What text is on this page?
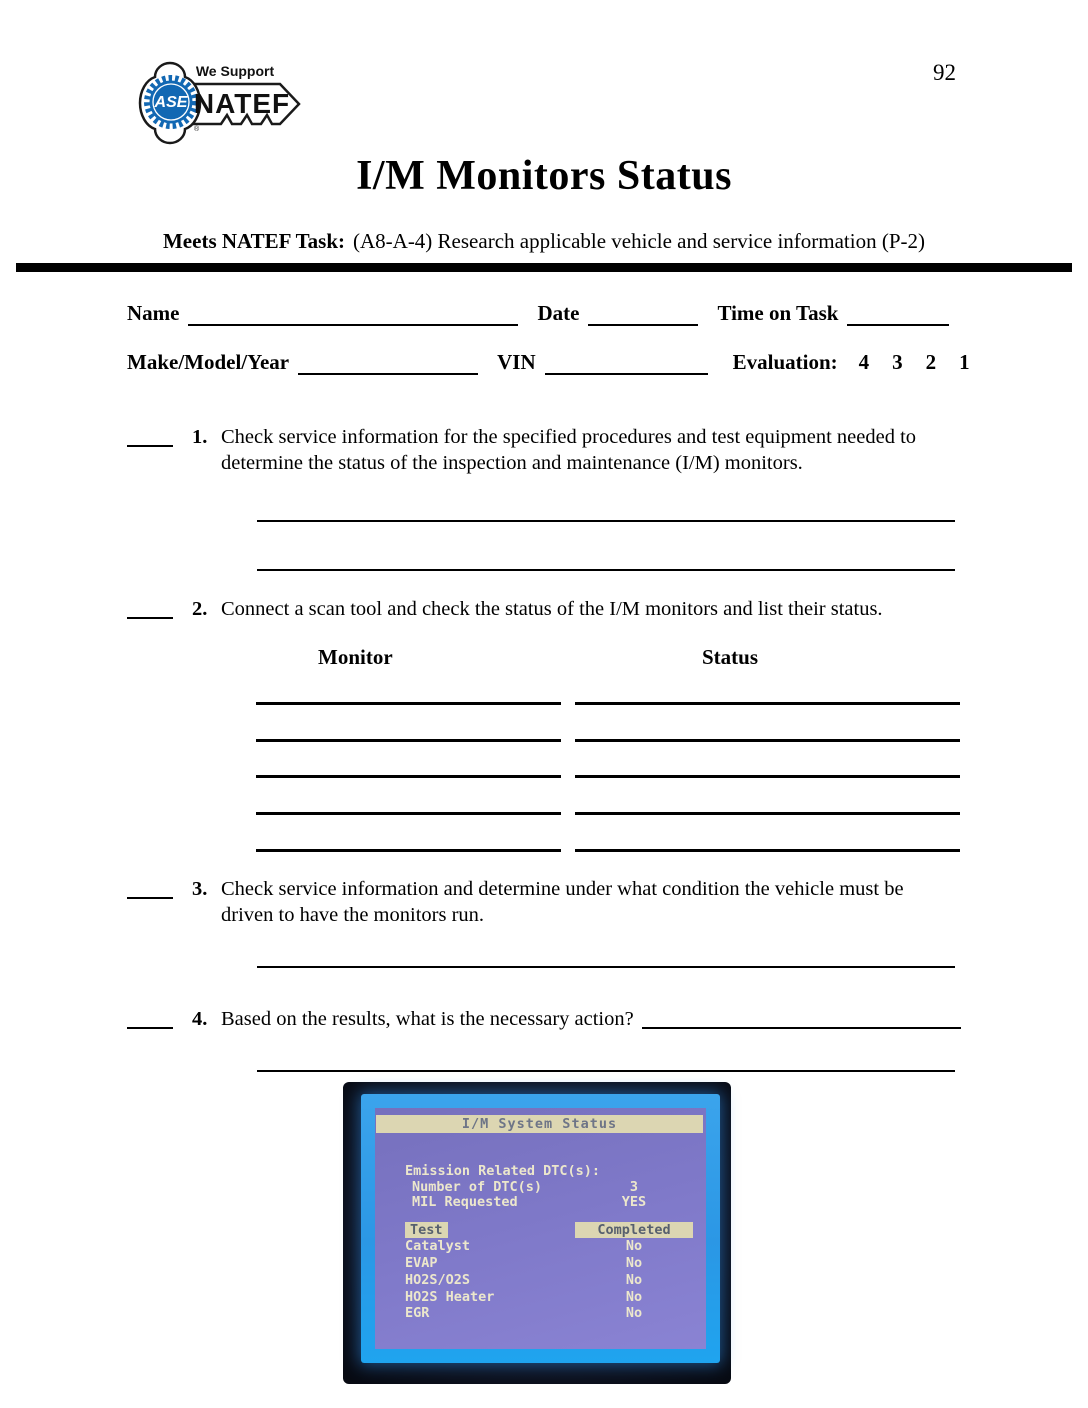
92
ASE
®
We Support
NATEF
I/M Monitors Status
Meets NATEF Task: (A8-A-4) Research applicable vehicle and service information (P-2)
Name	Date	Time on Task
Make/Model/Year	VIN	Evaluation: 4 3 2 1
1. Check service information for the specified procedures and test equipment needed to determine the status of the inspection and maintenance (I/M) monitors.
2. Connect a scan tool and check the status of the I/M monitors and list their status.
Monitor	Status
3. Check service information and determine under what condition the vehicle must be driven to have the monitors run.
4. Based on the results, what is the necessary action?
I/M System Status
Emission Related DTC(s):
Number of DTC(s)	3
MIL Requested	YES
Test	Completed
Catalyst	No
EVAP	No
HO2S/O2S	No
HO2S Heater	No
EGR	No
